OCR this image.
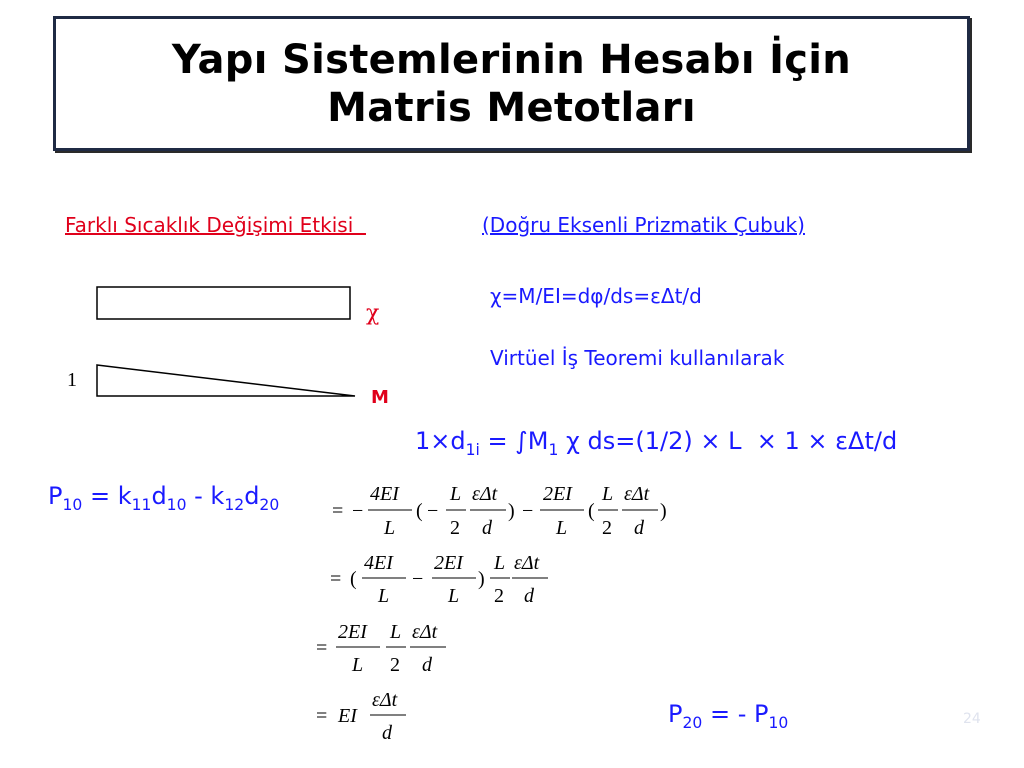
Yapı Sistemlerinin Hesabı İçin
Matris Metotları
Farklı Sıcaklık Değişimi Etkisi	(Doğru Eksenli Prizmatik Çubuk)
χ
1
M
χ=M/EI=dφ/ds=εΔt/d
Virtüel İş Teoremi kullanılarak
$1\times d_{1i} = \int M_1$ χ ds=(1/2) × L  × 1 × εΔt/d
$P_{10} = k_{11}d_{10} - k_{12}d_{20}$	= −
4EI
L
( −
L
2
εΔt
d
) −
2EI
L
(
L
2
εΔt
d
)
= (
4EI
L
−
2EI
L
)
L
2
εΔt
d
=
2EI
L
L
2
εΔt
d
= EI
εΔt
d
$P_{20}$ = - $P_{10}$	24
